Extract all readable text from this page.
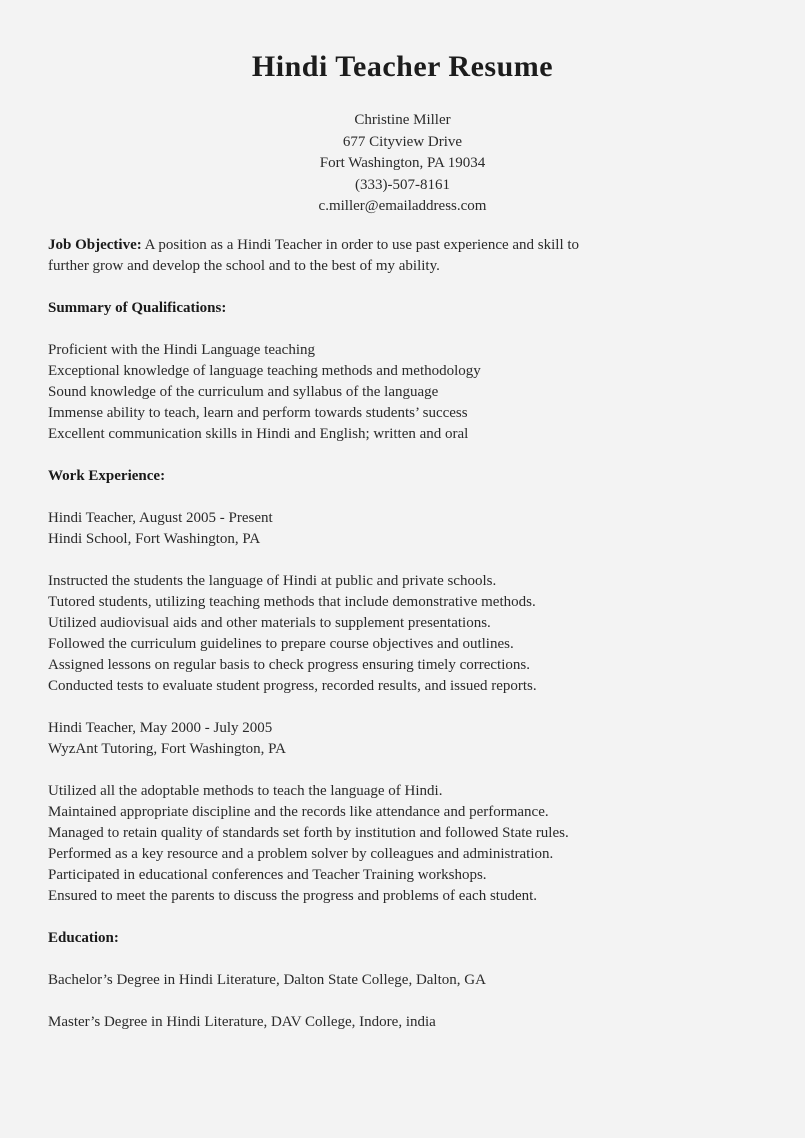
Hindi Teacher Resume
Christine Miller
677 Cityview Drive
Fort Washington, PA 19034
(333)-507-8161
c.miller@emailaddress.com
Job Objective: A position as a Hindi Teacher in order to use past experience and skill to
further grow and develop the school and to the best of my ability.
Summary of Qualifications:
Proficient with the Hindi Language teaching
Exceptional knowledge of language teaching methods and methodology
Sound knowledge of the curriculum and syllabus of the language
Immense ability to teach, learn and perform towards students’ success
Excellent communication skills in Hindi and English; written and oral
Work Experience:
Hindi Teacher, August 2005 - Present
Hindi School, Fort Washington, PA
Instructed the students the language of Hindi at public and private schools.
Tutored students, utilizing teaching methods that include demonstrative methods.
Utilized audiovisual aids and other materials to supplement presentations.
Followed the curriculum guidelines to prepare course objectives and outlines.
Assigned lessons on regular basis to check progress ensuring timely corrections.
Conducted tests to evaluate student progress, recorded results, and issued reports.
Hindi Teacher, May 2000 - July 2005
WyzAnt Tutoring, Fort Washington, PA
Utilized all the adoptable methods to teach the language of Hindi.
Maintained appropriate discipline and the records like attendance and performance.
Managed to retain quality of standards set forth by institution and followed State rules.
Performed as a key resource and a problem solver by colleagues and administration.
Participated in educational conferences and Teacher Training workshops.
Ensured to meet the parents to discuss the progress and problems of each student.
Education:
Bachelor’s Degree in Hindi Literature, Dalton State College, Dalton, GA
Master’s Degree in Hindi Literature, DAV College, Indore, india
